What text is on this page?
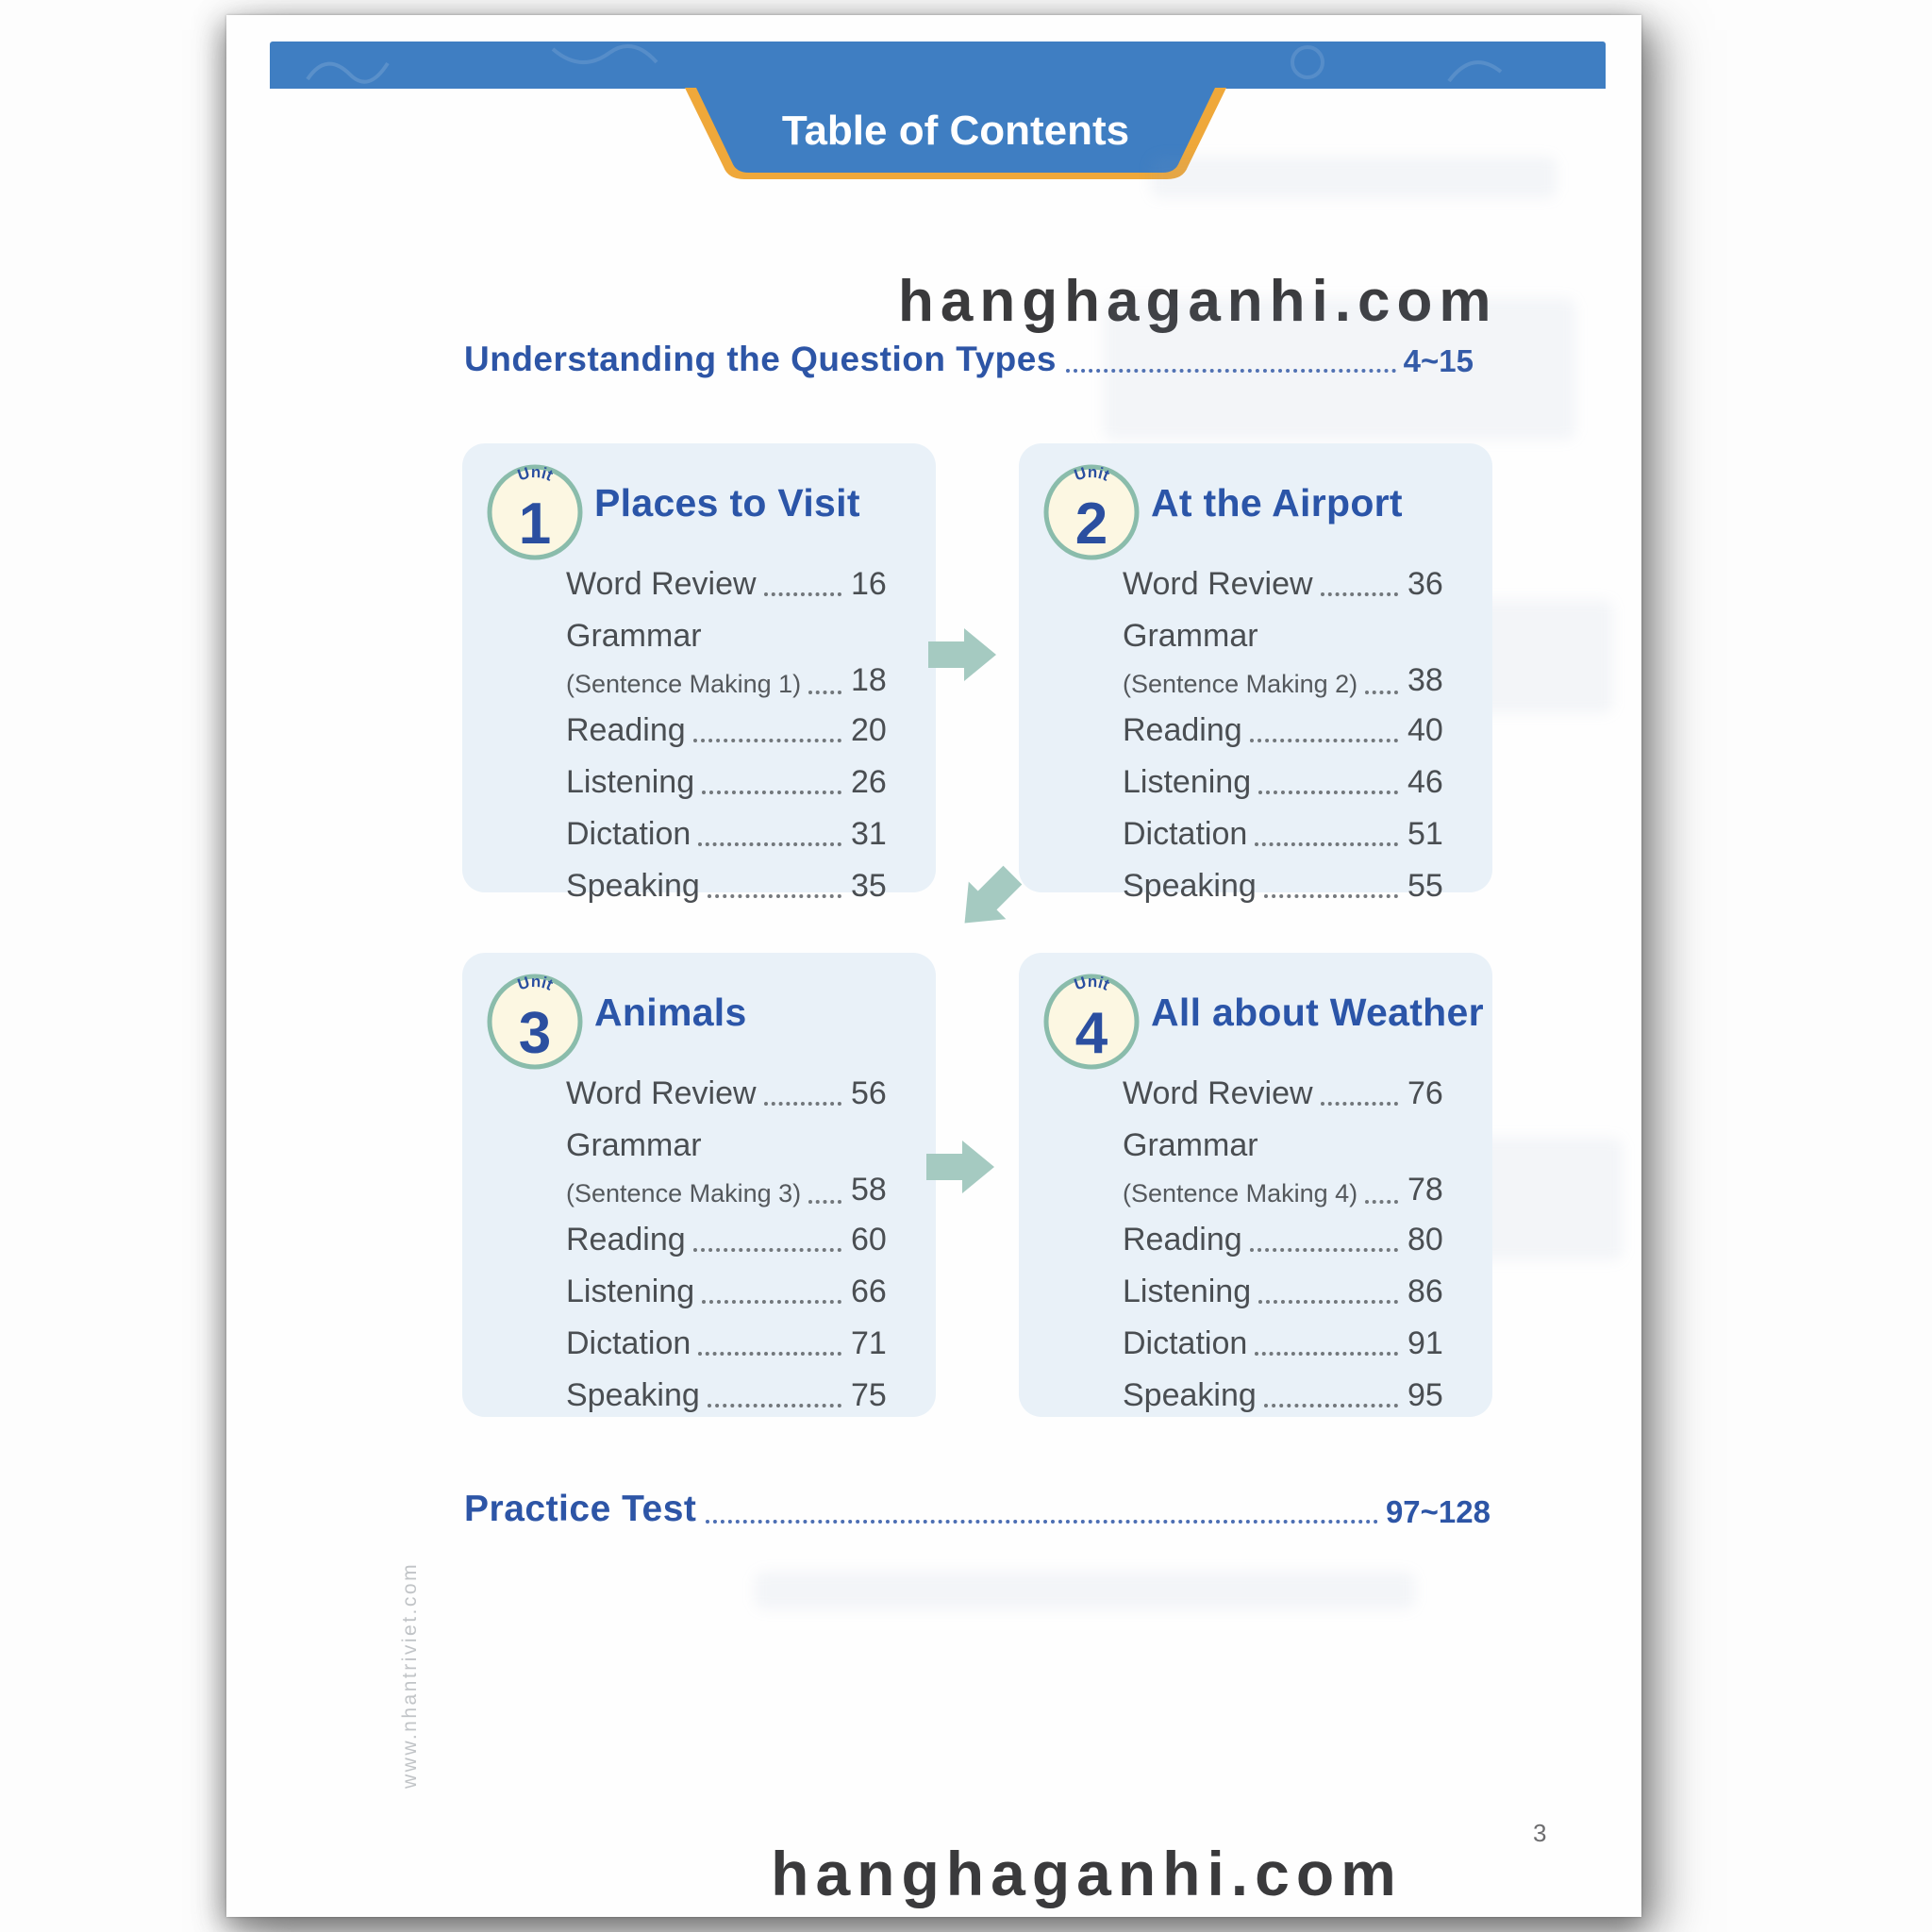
Table of Contents
hanghaganhi.com
Understanding the Question Types	4~15
Unit
1 Places to Visit
Word Review	16
Grammar
(Sentence Making 1) 18
Reading	20
Listening	26
Dictation	31
Speaking	35
Unit
2 At the Airport
Word Review	36
Grammar
(Sentence Making 2) 38
Reading	40
Listening	46
Dictation	51
Speaking	55
Unit
3 Animals
Word Review	56
Grammar
(Sentence Making 3) 58
Reading	60
Listening	66
Dictation	71
Speaking	75
Unit
4 All about Weather
Word Review	76
Grammar
(Sentence Making 4) 78
Reading	80
Listening	86
Dictation	91
Speaking	95
Practice Test	97~128
www.nhantriviet.com
hanghaganhi.com
3
